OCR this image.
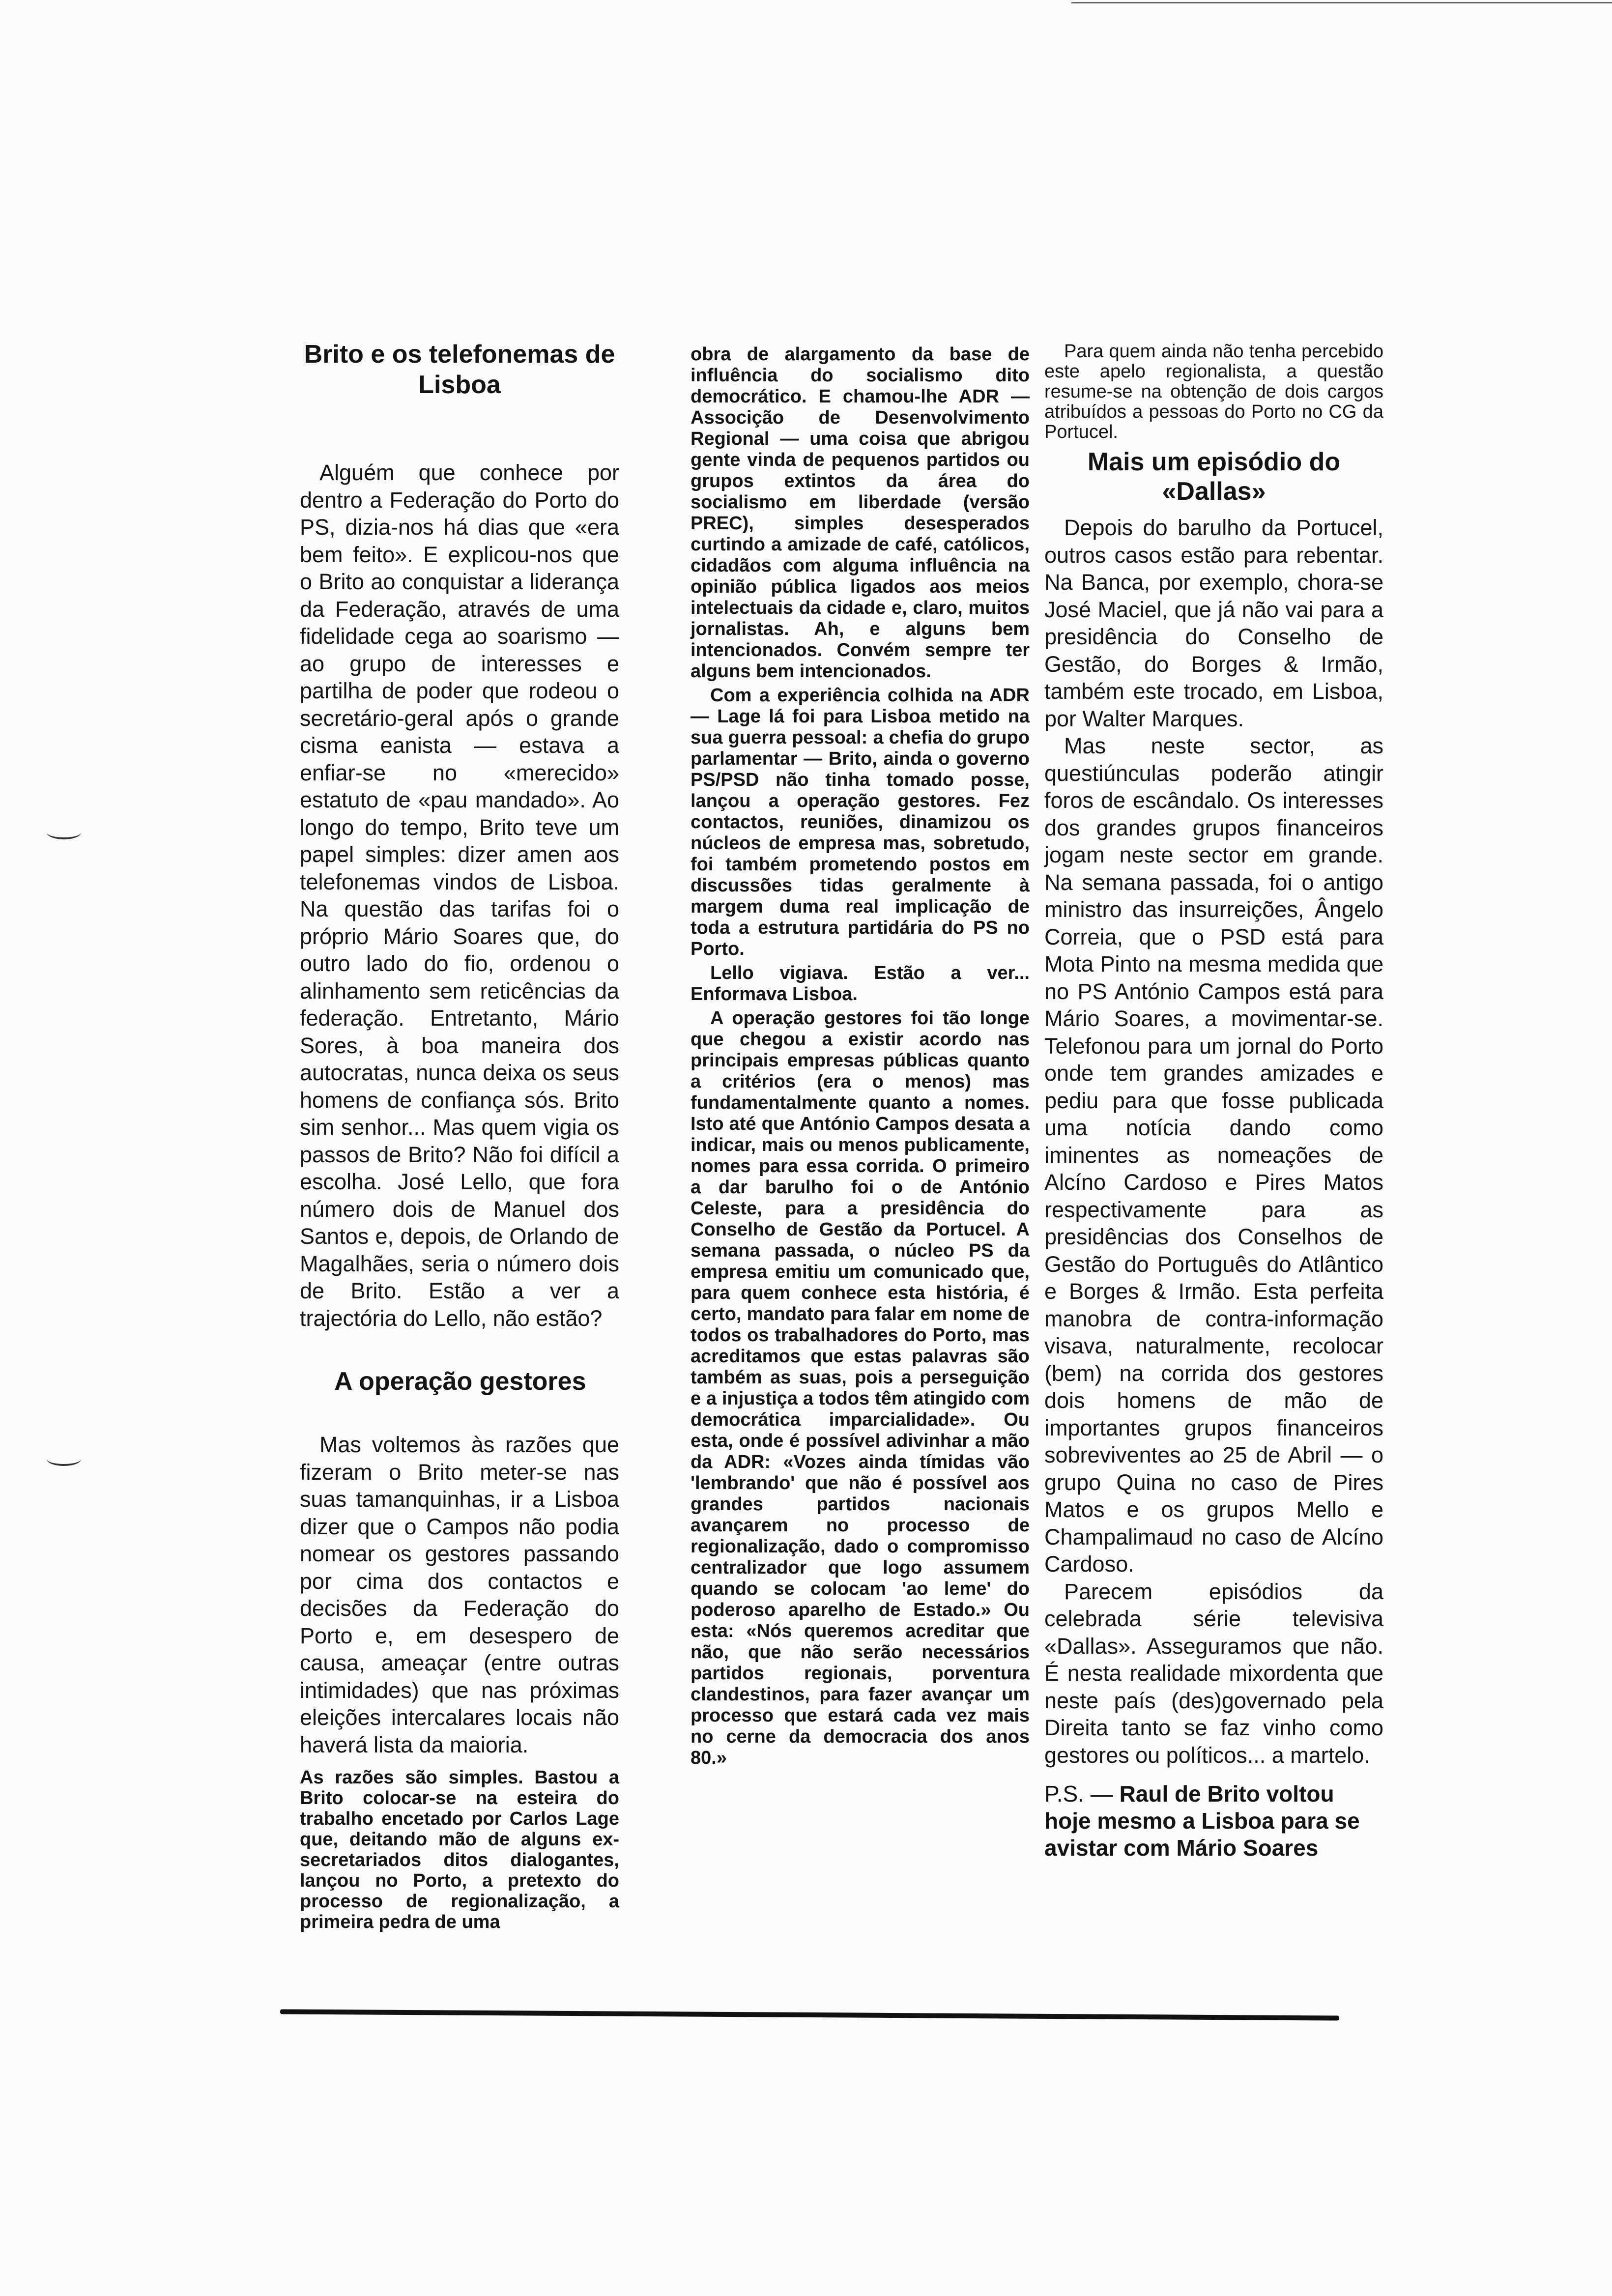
Brito e os telefonemas de Lisboa

Alguém que conhece por dentro a Federação do Porto do PS, dizia-nos há dias que «era bem feito». E explicou-nos que o Brito ao conquistar a liderança da Federação, através de uma fidelidade cega ao soarismo — ao grupo de interesses e partilha de poder que rodeou o secretário-geral após o grande cisma eanista — estava a enfiar-se no «merecido» estatuto de «pau mandado». Ao longo do tempo, Brito teve um papel simples: dizer amen aos telefonemas vindos de Lisboa. Na questão das tarifas foi o próprio Mário Soares que, do outro lado do fio, ordenou o alinhamento sem reticências da federação. Entretanto, Mário Sores, à boa maneira dos autocratas, nunca deixa os seus homens de confiança sós. Brito sim senhor... Mas quem vigia os passos de Brito? Não foi difícil a escolha. José Lello, que fora número dois de Manuel dos Santos e, depois, de Orlando de Magalhães, seria o número dois de Brito. Estão a ver a trajectória do Lello, não estão?

A operação gestores

Mas voltemos às razões que fizeram o Brito meter-se nas suas tamanquinhas, ir a Lisboa dizer que o Campos não podia nomear os gestores passando por cima dos contactos e decisões da Federação do Porto e, em desespero de causa, ameaçar (entre outras intimidades) que nas próximas eleições intercalares locais não haverá lista da maioria.

As razões são simples. Bastou a Brito colocar-se na esteira do trabalho encetado por Carlos Lage que, deitando mão de alguns ex-secretariados ditos dialogantes, lançou no Porto, a pretexto do processo de regionalização, a primeira pedra de uma

obra de alargamento da base de influência do socialismo dito democrático. E chamou-lhe ADR — Associção de Desenvolvimento Regional — uma coisa que abrigou gente vinda de pequenos partidos ou grupos extintos da área do socialismo em liberdade (versão PREC), simples desesperados curtindo a amizade de café, católicos, cidadãos com alguma influência na opinião pública ligados aos meios intelectuais da cidade e, claro, muitos jornalistas. Ah, e alguns bem intencionados. Convém sempre ter alguns bem intencionados.

Com a experiência colhida na ADR — Lage lá foi para Lisboa metido na sua guerra pessoal: a chefia do grupo parlamentar — Brito, ainda o governo PS/PSD não tinha tomado posse, lançou a operação gestores. Fez contactos, reuniões, dinamizou os núcleos de empresa mas, sobretudo, foi também prometendo postos em discussões tidas geralmente à margem duma real implicação de toda a estrutura partidária do PS no Porto.

Lello vigiava. Estão a ver... Enformava Lisboa.

A operação gestores foi tão longe que chegou a existir acordo nas principais empresas públicas quanto a critérios (era o menos) mas fundamentalmente quanto a nomes. Isto até que António Campos desata a indicar, mais ou menos publicamente, nomes para essa corrida. O primeiro a dar barulho foi o de António Celeste, para a presidência do Conselho de Gestão da Portucel. A semana passada, o núcleo PS da empresa emitiu um comunicado que, para quem conhece esta história, é certo, mandato para falar em nome de todos os trabalhadores do Porto, mas acreditamos que estas palavras são também as suas, pois a perseguição e a injustiça a todos têm atingido com democrática imparcialidade». Ou esta, onde é possível adivinhar a mão da ADR: «Vozes ainda tímidas vão 'lembrando' que não é possível aos grandes partidos nacionais avançarem no processo de regionalização, dado o compromisso centralizador que logo assumem quando se colocam 'ao leme' do poderoso aparelho de Estado.» Ou esta: «Nós queremos acreditar que não, que não serão necessários partidos regionais, porventura clandestinos, para fazer avançar um processo que estará cada vez mais no cerne da democracia dos anos 80.»

Para quem ainda não tenha percebido este apelo regionalista, a questão resume-se na obtenção de dois cargos atribuídos a pessoas do Porto no CG da Portucel.

Mais um episódio do «Dallas»

Depois do barulho da Portucel, outros casos estão para rebentar. Na Banca, por exemplo, chora-se José Maciel, que já não vai para a presidência do Conselho de Gestão, do Borges & Irmão, também este trocado, em Lisboa, por Walter Marques.

Mas neste sector, as questiúnculas poderão atingir foros de escândalo. Os interesses dos grandes grupos financeiros jogam neste sector em grande. Na semana passada, foi o antigo ministro das insurreições, Ângelo Correia, que o PSD está para Mota Pinto na mesma medida que no PS António Campos está para Mário Soares, a movimentar-se. Telefonou para um jornal do Porto onde tem grandes amizades e pediu para que fosse publicada uma notícia dando como iminentes as nomeações de Alcíno Cardoso e Pires Matos respectivamente para as presidências dos Conselhos de Gestão do Português do Atlântico e Borges & Irmão. Esta perfeita manobra de contra-informação visava, naturalmente, recolocar (bem) na corrida dos gestores dois homens de mão de importantes grupos financeiros sobreviventes ao 25 de Abril — o grupo Quina no caso de Pires Matos e os grupos Mello e Champalimaud no caso de Alcíno Cardoso.

Parecem episódios da celebrada série televisiva «Dallas». Asseguramos que não. É nesta realidade mixordenta que neste país (des)governado pela Direita tanto se faz vinho como gestores ou políticos... a martelo.

P.S. — Raul de Brito voltou hoje mesmo a Lisboa para se avistar com Mário Soares
